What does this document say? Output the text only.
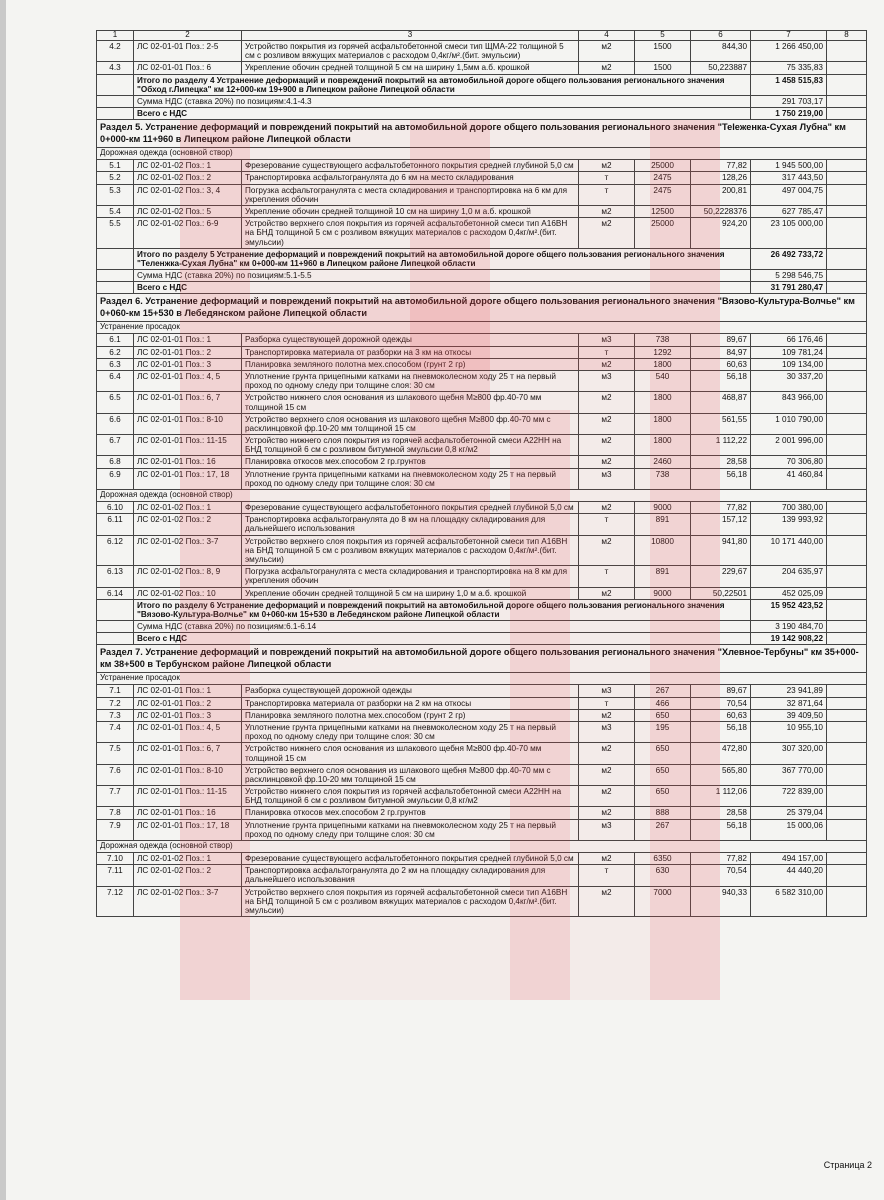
1	2	3	4	5	6	7	8
4.2	ЛС 02-01-01 Поз.: 2-5	Устройство покрытия из горячей асфальтобетонной смеси тип ЩМА-22 толщиной 5 см с розливом вяжущих материалов с расходом 0,4кг/м².(бит. эмульсии)	м2	1500	844,30	1 266 450,00	
4.3	ЛС 02-01-01 Поз.: 6	Укрепление обочин средней толщиной 5 см на ширину 1,5мм а.б. крошкой	м2	1500	50,223887	75 335,83	
	Итого по разделу 4 Устранение деформаций и повреждений покрытий на автомобильной дороге общего пользования регионального значения "Обход г.Липецка" км 12+000-км 19+900 в Липецком районе Липецкой области					1 458 515,83	
	Сумма НДС (ставка 20%) по позициям:4.1-4.3					291 703,17	
	Всего с НДС					1 750 219,00	
Раздел 5. Устранение деформаций и повреждений покрытий на автомобильной дороге общего пользования регионального значения "Теleженка-Сухая Лубна" км 0+000-км 11+960 в Липецком районе Липецкой области							
Дорожная одежда (основной створ)							
5.1	ЛС 02-01-02 Поз.: 1	Фрезерование существующего асфальтобетонного покрытия средней глубиной 5,0 см	м2	25000	77,82	1 945 500,00	
5.2	ЛС 02-01-02 Поз.: 2	Транспортировка асфальтогранулята до 6 км на место складирования	т	2475	128,26	317 443,50	
5.3	ЛС 02-01-02 Поз.: 3, 4	Погрузка асфальтогранулята с места складирования и транспортировка на 6 км для укрепления обочин	т	2475	200,81	497 004,75	
5.4	ЛС 02-01-02 Поз.: 5	Укрепление обочин средней толщиной 10 см на ширину 1,0 м а.б. крошкой	м2	12500	50,2228376	627 785,47	
5.5	ЛС 02-01-02 Поз.: 6-9	Устройство верхнего слоя покрытия из горячей асфальтобетонной смеси тип А16ВН на БНД толщиной 5 см с розливом вяжущих материалов с расходом 0,4кг/м².(бит. эмульсии)	м2	25000	924,20	23 105 000,00	
	Итого по разделу 5 Устранение деформаций и повреждений покрытий на автомобильной дороге общего пользования регионального значения "Теленжка-Сухая Лубна" км 0+000-км 11+960 в Липецком районе Липецкой области					26 492 733,72	
	Сумма НДС (ставка 20%) по позициям:5.1-5.5					5 298 546,75	
	Всего с НДС					31 791 280,47	
Раздел 6. Устранение деформаций и повреждений покрытий на автомобильной дороге общего пользования регионального значения "Вязово-Культура-Волчье" км 0+060-км 15+530 в Лебедянском районе Липецкой области							
Устранение просадок							
6.1	ЛС 02-01-01 Поз.: 1	Разборка существующей дорожной одежды	м3	738	89,67	66 176,46	
6.2	ЛС 02-01-01 Поз.: 2	Транспортировка материала от разборки на 3 км на откосы	т	1292	84,97	109 781,24	
6.3	ЛС 02-01-01 Поз.: 3	Планировка земляного полотна мех.способом (грунт 2 гр)	м2	1800	60,63	109 134,00	
6.4	ЛС 02-01-01 Поз.: 4, 5	Уплотнение грунта прицепными катками на пневмоколесном ходу 25 т на первый проход по одному следу при толщине слоя: 30 см	м3	540	56,18	30 337,20	
6.5	ЛС 02-01-01 Поз.: 6, 7	Устройство нижнего слоя основания из шлакового щебня М≥800 фр.40-70 мм толщиной 15 см	м2	1800	468,87	843 966,00	
6.6	ЛС 02-01-01 Поз.: 8-10	Устройство верхнего слоя основания из шлакового щебня М≥800 фр.40-70 мм с расклинцовкой фр.10-20 мм толщиной 15 см	м2	1800	561,55	1 010 790,00	
6.7	ЛС 02-01-01 Поз.: 11-15	Устройство нижнего слоя покрытия из горячей асфальтобетонной смеси А22НН на БНД толщиной 6 см с розливом битумной эмульсии 0,8 кг/м2	м2	1800	1 112,22	2 001 996,00	
6.8	ЛС 02-01-01 Поз.: 16	Планировка откосов мех.способом 2 гр.грунтов	м2	2460	28,58	70 306,80	
6.9	ЛС 02-01-01 Поз.: 17, 18	Уплотнение грунта прицепными катками на пневмоколесном ходу 25 т на первый проход по одному следу при толщине слоя: 30 см	м3	738	56,18	41 460,84	
Дорожная одежда (основной створ)							
6.10	ЛС 02-01-02 Поз.: 1	Фрезерование существующего асфальтобетонного покрытия средней глубиной 5,0 см	м2	9000	77,82	700 380,00	
6.11	ЛС 02-01-02 Поз.: 2	Транспортировка асфальтогранулята до 8 км на площадку складирования для дальнейшего использования	т	891	157,12	139 993,92	
6.12	ЛС 02-01-02 Поз.: 3-7	Устройство верхнего слоя покрытия из горячей асфальтобетонной смеси тип А16ВН на БНД толщиной 5 см с розливом вяжущих материалов с расходом 0,4кг/м².(бит. эмульсии)	м2	10800	941,80	10 171 440,00	
6.13	ЛС 02-01-02 Поз.: 8, 9	Погрузка асфальтогранулята с места складирования и транспортировка на 8 км для укрепления обочин	т	891	229,67	204 635,97	
6.14	ЛС 02-01-02 Поз.: 10	Укрепление обочин средней толщиной 5 см на ширину 1,0 м а.б. крошкой	м2	9000	50,22501	452 025,09	
	Итого по разделу 6 Устранение деформаций и повреждений покрытий на автомобильной дороге общего пользования регионального значения "Вязово-Культура-Волчье" км 0+060-км 15+530 в Лебедянском районе Липецкой области					15 952 423,52	
	Сумма НДС (ставка 20%) по позициям:6.1-6.14					3 190 484,70	
	Всего с НДС					19 142 908,22	
Раздел 7. Устранение деформаций и повреждений покрытий на автомобильной дороге общего пользования регионального значения "Хлевное-Тербуны" км 35+000-км 38+500 в Тербунском районе Липецкой области							
Устранение просадок							
7.1	ЛС 02-01-01 Поз.: 1	Разборка существующей дорожной одежды	м3	267	89,67	23 941,89	
7.2	ЛС 02-01-01 Поз.: 2	Транспортировка материала от разборки на 2 км на откосы	т	466	70,54	32 871,64	
7.3	ЛС 02-01-01 Поз.: 3	Планировка земляного полотна мех.способом (грунт 2 гр)	м2	650	60,63	39 409,50	
7.4	ЛС 02-01-01 Поз.: 4, 5	Уплотнение грунта прицепными катками на пневмоколесном ходу 25 т на первый проход по одному следу при толщине слоя: 30 см	м3	195	56,18	10 955,10	
7.5	ЛС 02-01-01 Поз.: 6, 7	Устройство нижнего слоя основания из шлакового щебня М≥800 фр.40-70 мм толщиной 15 см	м2	650	472,80	307 320,00	
7.6	ЛС 02-01-01 Поз.: 8-10	Устройство верхнего слоя основания из шлакового щебня М≥800 фр.40-70 мм с расклинцовкой фр.10-20 мм толщиной 15 см	м2	650	565,80	367 770,00	
7.7	ЛС 02-01-01 Поз.: 11-15	Устройство нижнего слоя покрытия из горячей асфальтобетонной смеси А22НН на БНД толщиной 6 см с розливом битумной эмульсии 0,8 кг/м2	м2	650	1 112,06	722 839,00	
7.8	ЛС 02-01-01 Поз.: 16	Планировка откосов мех.способом 2 гр.грунтов	м2	888	28,58	25 379,04	
7.9	ЛС 02-01-01 Поз.: 17, 18	Уплотнение грунта прицепными катками на пневмоколесном ходу 25 т на первый проход по одному следу при толщине слоя: 30 см	м3	267	56,18	15 000,06	
Дорожная одежда (основной створ)							
7.10	ЛС 02-01-02 Поз.: 1	Фрезерование существующего асфальтобетонного покрытия средней глубиной 5,0 см	м2	6350	77,82	494 157,00	
7.11	ЛС 02-01-02 Поз.: 2	Транспортировка асфальтогранулята до 2 км на площадку складирования для дальнейшего использования	т	630	70,54	44 440,20	
7.12	ЛС 02-01-02 Поз.: 3-7	Устройство верхнего слоя покрытия из горячей асфальтобетонной смеси тип А16ВН на БНД толщиной 5 см с розливом вяжущих материалов с расходом 0,4кг/м².(бит. эмульсии)	м2	7000	940,33	6 582 310,00	
Страница 2
